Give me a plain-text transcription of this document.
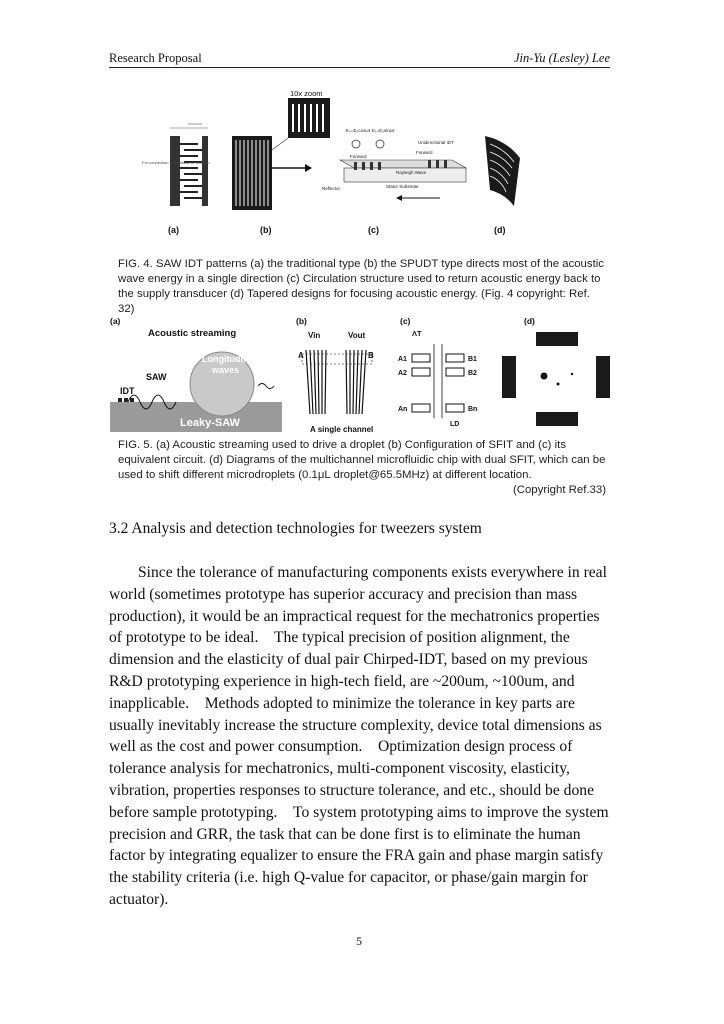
Research Proposal	Jin-Yu (Lesley) Lee
For connection to oscillator or receiver
10x zoom
E₀=E₀cosωt E₁=E₀sinωt
Unidirectional IDT
Forward
Forward
Rayleigh Wave
Reflector	Stator Substrate
(a)	(b)	(c)	(d)
FIG. 4. SAW IDT patterns (a) the traditional type (b) the SPUDT type directs most of the acoustic wave energy in a single direction (c) Circulation structure used to return acoustic energy back to the supply transducer (d) Tapered designs for focusing acoustic energy. (Fig. 4 copyright: Ref. 32)
Acoustic streaming
Longitudinal
waves
SAW
IDT
Leaky-SAW
Vin	Vout
A	B
A single channel
ΛT
A1
A2
An
B1
B2
Bn
LD
(a)	(b)	(c)	(d)
FIG. 5. (a) Acoustic streaming used to drive a droplet (b) Configuration of SFIT and (c) its equivalent circuit. (d) Diagrams of the multichannel microfluidic chip with dual SFIT, which can be used to shift different microdroplets (0.1μL droplet@65.5MHz) at different location.
(Copyright Ref.33)
3.2 Analysis and detection technologies for tweezers system

Since the tolerance of manufacturing components exists everywhere in real world (sometimes prototype has superior accuracy and precision than mass production), it would be an impractical request for the mechatronics properties of prototype to be ideal. The typical precision of position alignment, the dimension and the elasticity of dual pair Chirped-IDT, based on my previous R&D prototyping experience in high-tech field, are ~200um, ~100um, and inapplicable. Methods adopted to minimize the tolerance in key parts are usually inevitably increase the structure complexity, device total dimensions as well as the cost and power consumption. Optimization design process of tolerance analysis for mechatronics, multi-component viscosity, elasticity, vibration, properties responses to structure tolerance, and etc., should be done before sample prototyping. To system prototyping aims to improve the system precision and GRR, the task that can be done first is to eliminate the human factor by integrating equalizer to ensure the FRA gain and phase margin satisfy the stability criteria (i.e. high Q-value for capacitor, or phase/gain margin for actuator).

5
